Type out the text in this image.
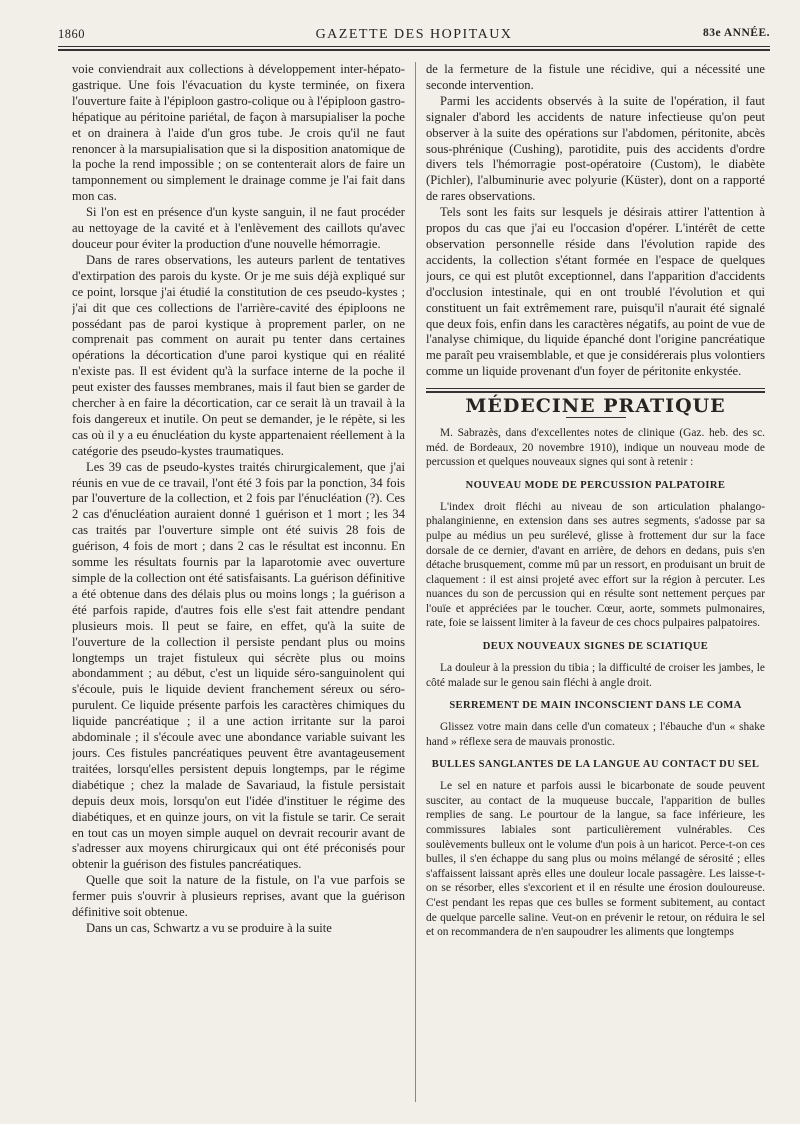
1860	GAZETTE DES HOPITAUX	83e ANNÉE.

voie conviendrait aux collections à développement inter-hépato-gastrique. Une fois l'évacuation du kyste terminée, on fixera l'ouverture faite à l'épiploon gastro-colique ou à l'épiploon gastro-hépatique au péritoine pariétal, de façon à marsupialiser la poche et on drainera à l'aide d'un gros tube. Je crois qu'il ne faut renoncer à la marsupialisation que si la disposition anatomique de la poche la rend impossible ; on se contenterait alors de faire un tamponnement ou simplement le drainage comme je l'ai fait dans mon cas.

Si l'on est en présence d'un kyste sanguin, il ne faut procéder au nettoyage de la cavité et à l'enlèvement des caillots qu'avec douceur pour éviter la production d'une nouvelle hémorragie.

Dans de rares observations, les auteurs parlent de tentatives d'extirpation des parois du kyste. Or je me suis déjà expliqué sur ce point, lorsque j'ai étudié la constitution de ces pseudo-kystes ; j'ai dit que ces collections de l'arrière-cavité des épiploons ne possédant pas de paroi kystique à proprement parler, on ne comprenait pas comment on aurait pu tenter dans certaines opérations la décortication d'une paroi kystique qui en réalité n'existe pas. Il est évident qu'à la surface interne de la poche il peut exister des fausses membranes, mais il faut bien se garder de chercher à en faire la décortication, car ce serait là un travail à la fois dangereux et inutile. On peut se demander, je le répète, si les cas où il y a eu énucléation du kyste appartenaient réellement à la catégorie des pseudo-kystes traumatiques.

Les 39 cas de pseudo-kystes traités chirurgicalement, que j'ai réunis en vue de ce travail, l'ont été 3 fois par la ponction, 34 fois par l'ouverture de la collection, et 2 fois par l'énucléation (?). Ces 2 cas d'énucléation auraient donné 1 guérison et 1 mort ; les 34 cas traités par l'ouverture simple ont été suivis 28 fois de guérison, 4 fois de mort ; dans 2 cas le résultat est inconnu. En somme les résultats fournis par la laparotomie avec ouverture simple de la collection ont été satisfaisants. La guérison définitive a été obtenue dans des délais plus ou moins longs ; la guérison a été parfois rapide, d'autres fois elle s'est fait attendre pendant plusieurs mois. Il peut se faire, en effet, qu'à la suite de l'ouverture de la collection il persiste pendant plus ou moins longtemps un trajet fistuleux qui sécrète plus ou moins abondamment ; au début, c'est un liquide séro-sanguinolent qui s'écoule, puis le liquide devient franchement séreux ou séro-purulent. Ce liquide présente parfois les caractères chimiques du liquide pancréatique ; il a une action irritante sur la paroi abdominale ; il s'écoule avec une abondance variable suivant les jours. Ces fistules pancréatiques peuvent être avantageusement traitées, lorsqu'elles persistent depuis longtemps, par le régime diabétique ; chez la malade de Savariaud, la fistule persistait depuis deux mois, lorsqu'on eut l'idée d'instituer le régime des diabétiques, et en quinze jours, on vit la fistule se tarir. Ce serait en tout cas un moyen simple auquel on devrait recourir avant de s'adresser aux moyens chirurgicaux qui ont été préconisés pour obtenir la guérison des fistules pancréatiques.

Quelle que soit la nature de la fistule, on l'a vue parfois se fermer puis s'ouvrir à plusieurs reprises, avant que la guérison définitive soit obtenue.

Dans un cas, Schwartz a vu se produire à la suite

de la fermeture de la fistule une récidive, qui a nécessité une seconde intervention.

Parmi les accidents observés à la suite de l'opération, il faut signaler d'abord les accidents de nature infectieuse qu'on peut observer à la suite des opérations sur l'abdomen, péritonite, abcès sous-phrénique (Cushing), parotidite, puis des accidents d'ordre divers tels l'hémorragie post-opératoire (Custom), le diabète (Pichler), l'albuminurie avec polyurie (Küster), dont on a rapporté de rares observations.

Tels sont les faits sur lesquels je désirais attirer l'attention à propos du cas que j'ai eu l'occasion d'opérer. L'intérêt de cette observation personnelle réside dans l'évolution rapide des accidents, la collection s'étant formée en l'espace de quelques jours, ce qui est plutôt exceptionnel, dans l'apparition d'accidents d'occlusion intestinale, qui en ont troublé l'évolution et qui constituent un fait extrêmement rare, puisqu'il n'aurait été signalé que deux fois, enfin dans les caractères négatifs, au point de vue de l'analyse chimique, du liquide épanché dont l'origine pancréatique me paraît peu vraisemblable, et que je considérerais plus volontiers comme un liquide provenant d'un foyer de péritonite enkystée.

MÉDECINE PRATIQUE

M. Sabrazès, dans d'excellentes notes de clinique (Gaz. heb. des sc. méd. de Bordeaux, 20 novembre 1910), indique un nouveau mode de percussion et quelques nouveaux signes qui sont à retenir :

NOUVEAU MODE DE PERCUSSION PALPATOIRE

L'index droit fléchi au niveau de son articulation phalango-phalanginienne, en extension dans ses autres segments, s'adosse par sa pulpe au médius un peu surélevé, glisse à frottement dur sur la face dorsale de ce dernier, d'avant en arrière, de dehors en dedans, puis s'en détache brusquement, comme mû par un ressort, en produisant un bruit de claquement : il est ainsi projeté avec effort sur la région à percuter. Les nuances du son de percussion qui en résulte sont nettement perçues par l'ouïe et appréciées par le toucher. Cœur, aorte, sommets pulmonaires, rate, foie se laissent limiter à la faveur de ces chocs pulpaires palpatoires.

DEUX NOUVEAUX SIGNES DE SCIATIQUE

La douleur à la pression du tibia ; la difficulté de croiser les jambes, le côté malade sur le genou sain fléchi à angle droit.

SERREMENT DE MAIN INCONSCIENT DANS LE COMA

Glissez votre main dans celle d'un comateux ; l'ébauche d'un « shake hand » réflexe sera de mauvais pronostic.

BULLES SANGLANTES DE LA LANGUE AU CONTACT DU SEL

Le sel en nature et parfois aussi le bicarbonate de soude peuvent susciter, au contact de la muqueuse buccale, l'apparition de bulles remplies de sang. Le pourtour de la langue, sa face inférieure, les commissures labiales sont particulièrement vulnérables. Ces soulèvements bulleux ont le volume d'un pois à un haricot. Perce-t-on ces bulles, il s'en échappe du sang plus ou moins mélangé de sérosité ; elles s'affaissent laissant après elles une douleur locale passagère. Les laisse-t-on se résorber, elles s'excorient et il en résulte une érosion douloureuse. C'est pendant les repas que ces bulles se forment subitement, au contact de quelque parcelle saline. Veut-on en prévenir le retour, on réduira le sel et on recommandera de n'en saupoudrer les aliments que longtemps
